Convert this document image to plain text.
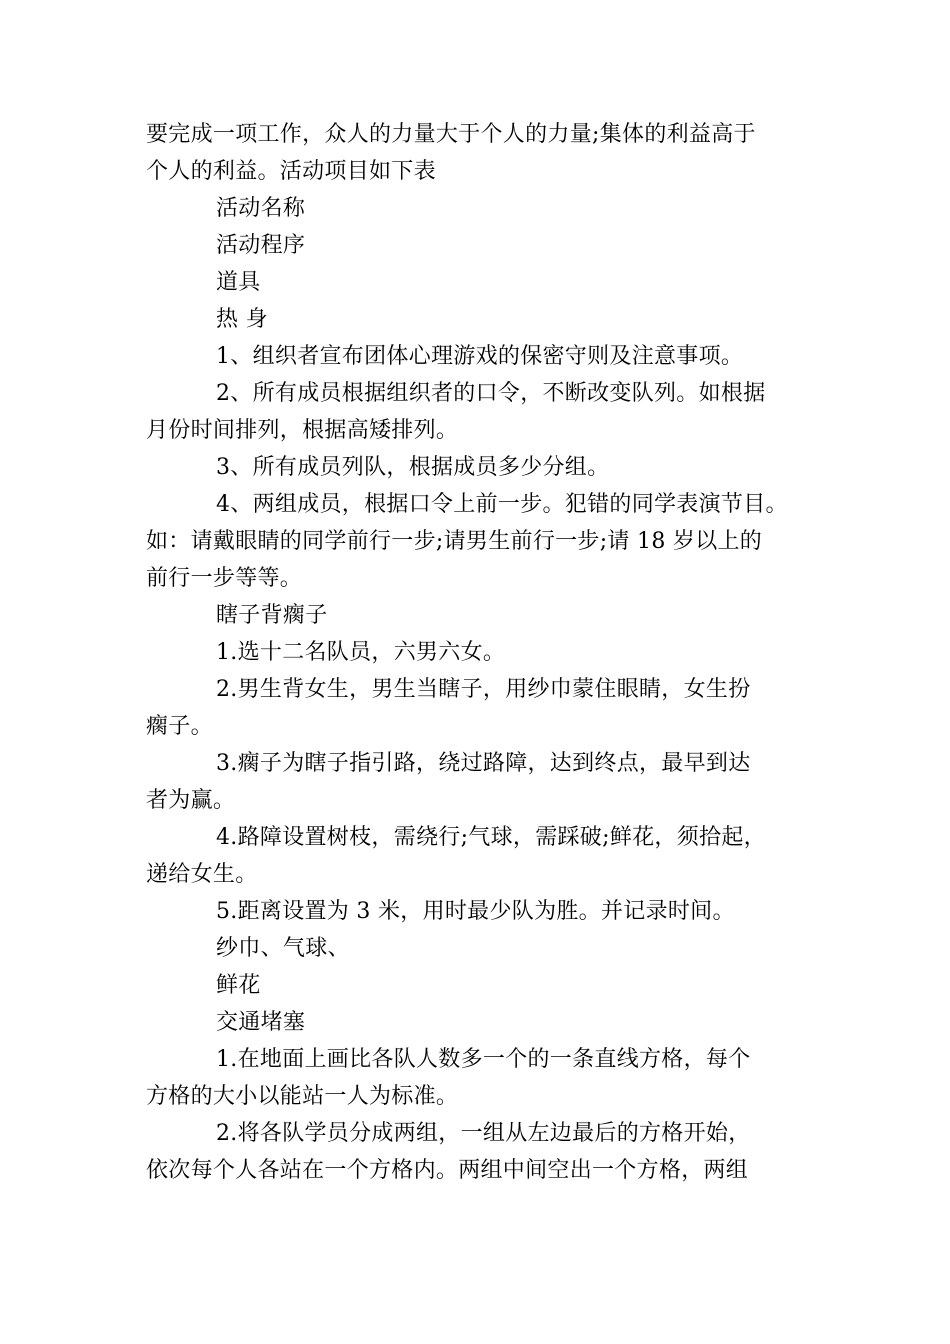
要完成一项工作，众人的力量大于个人的力量;集体的利益高于
个人的利益。活动项目如下表
活动名称
活动程序
道具
热 身
1、组织者宣布团体心理游戏的保密守则及注意事项。
2、所有成员根据组织者的口令，不断改变队列。如根据
月份时间排列，根据高矮排列。
3、所有成员列队，根据成员多少分组。
4、两组成员，根据口令上前一步。犯错的同学表演节目。
如：请戴眼睛的同学前行一步;请男生前行一步;请 18 岁以上的
前行一步等等。
瞎子背瘸子
1.选十二名队员，六男六女。
2.男生背女生，男生当瞎子，用纱巾蒙住眼睛，女生扮
瘸子。
3.瘸子为瞎子指引路，绕过路障，达到终点，最早到达
者为赢。
4.路障设置树枝，需绕行;气球，需踩破;鲜花，须拾起，
递给女生。
5.距离设置为 3 米，用时最少队为胜。并记录时间。
纱巾、气球、
鲜花
交通堵塞
1.在地面上画比各队人数多一个的一条直线方格，每个
方格的大小以能站一人为标准。
2.将各队学员分成两组，一组从左边最后的方格开始，
依次每个人各站在一个方格内。两组中间空出一个方格，两组
